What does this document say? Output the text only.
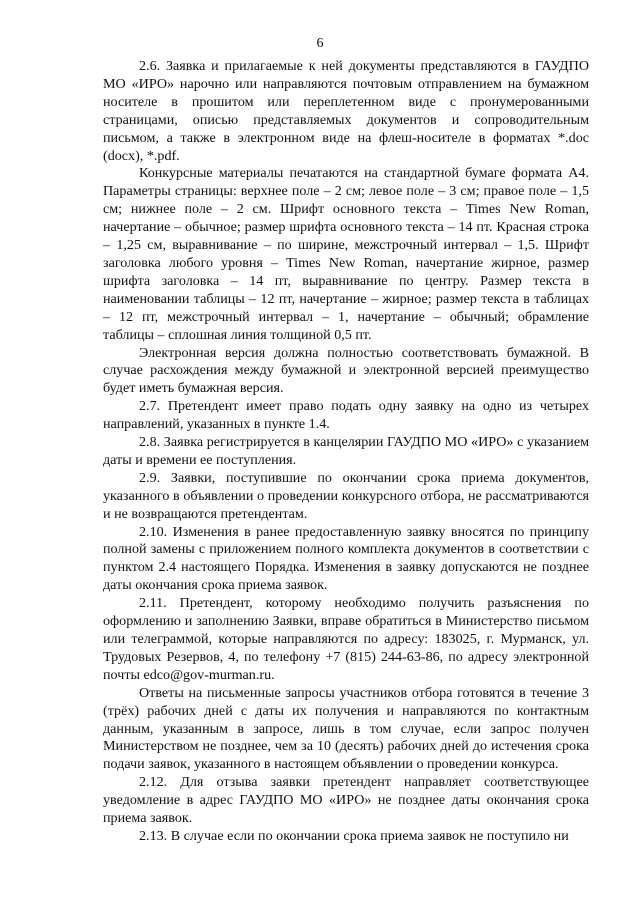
6

2.6. Заявка и прилагаемые к ней документы представляются в ГАУДПО МО «ИРО» нарочно или направляются почтовым отправлением на бумажном носителе в прошитом или переплетенном виде с пронумерованными страницами, описью представляемых документов и сопроводительным письмом, а также в электронном виде на флеш-носителе в форматах *.doc (docx), *.pdf.

Конкурсные материалы печатаются на стандартной бумаге формата А4. Параметры страницы: верхнее поле – 2 см; левое поле – 3 см; правое поле – 1,5 см; нижнее поле – 2 см. Шрифт основного текста – Times New Roman, начертание – обычное; размер шрифта основного текста – 14 пт. Красная строка – 1,25 см, выравнивание – по ширине, межстрочный интервал – 1,5. Шрифт заголовка любого уровня – Times New Roman, начертание жирное, размер шрифта заголовка – 14 пт, выравнивание по центру. Размер текста в наименовании таблицы – 12 пт, начертание – жирное; размер текста в таблицах – 12 пт, межстрочный интервал – 1, начертание – обычный; обрамление таблицы – сплошная линия толщиной 0,5 пт.

Электронная версия должна полностью соответствовать бумажной. В случае расхождения между бумажной и электронной версией преимущество будет иметь бумажная версия.

2.7. Претендент имеет право подать одну заявку на одно из четырех направлений, указанных в пункте 1.4.

2.8. Заявка регистрируется в канцелярии ГАУДПО МО «ИРО» с указанием даты и времени ее поступления.

2.9. Заявки, поступившие по окончании срока приема документов, указанного в объявлении о проведении конкурсного отбора, не рассматриваются и не возвращаются претендентам.

2.10. Изменения в ранее предоставленную заявку вносятся по принципу полной замены с приложением полного комплекта документов в соответствии с пунктом 2.4 настоящего Порядка. Изменения в заявку допускаются не позднее даты окончания срока приема заявок.

2.11. Претендент, которому необходимо получить разъяснения по оформлению и заполнению Заявки, вправе обратиться в Министерство письмом или телеграммой, которые направляются по адресу: 183025, г. Мурманск, ул. Трудовых Резервов, 4, по телефону +7 (815) 244-63-86, по адресу электронной почты edco@gov-murman.ru.

Ответы на письменные запросы участников отбора готовятся в течение 3 (трёх) рабочих дней с даты их получения и направляются по контактным данным, указанным в запросе, лишь в том случае, если запрос получен Министерством не позднее, чем за 10 (десять) рабочих дней до истечения срока подачи заявок, указанного в настоящем объявлении о проведении конкурса.

2.12. Для отзыва заявки претендент направляет соответствующее уведомление в адрес ГАУДПО МО «ИРО» не позднее даты окончания срока приема заявок.

2.13. В случае если по окончании срока приема заявок не поступило ни
